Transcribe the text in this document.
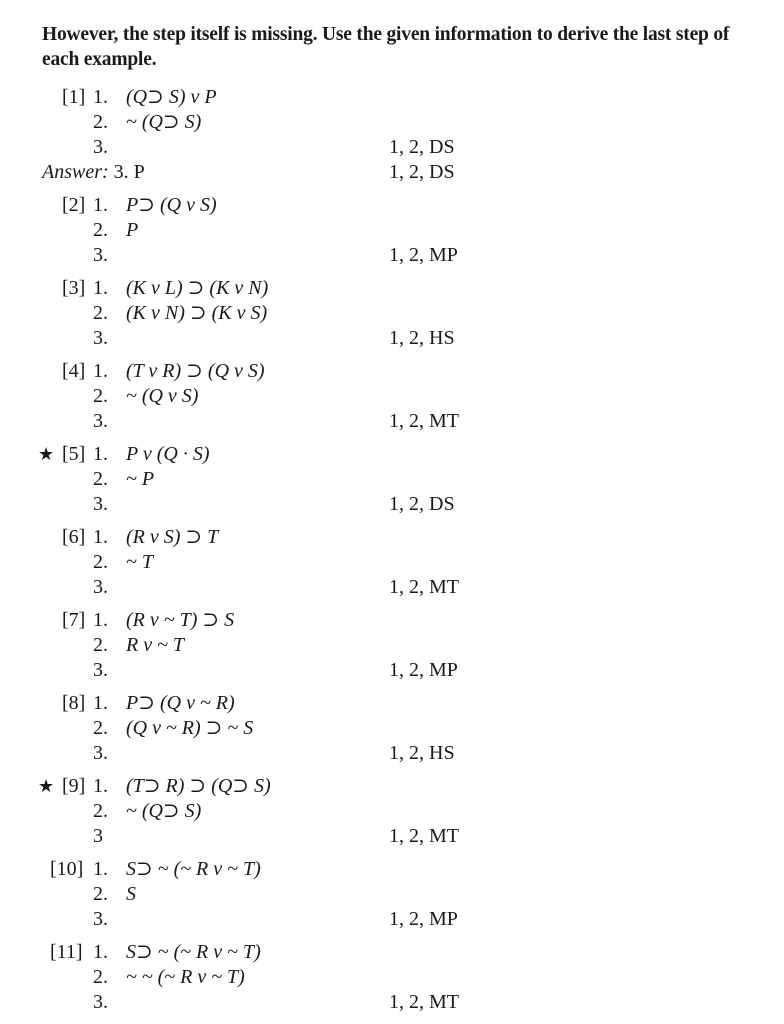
However, the step itself is missing. Use the given information to derive the last step of each example.
[1] 1. (Q⊃ S) v P
2. ~ (Q⊃ S)
3.	1, 2, DS
Answer: 3. P	1, 2, DS
[2] 1. P⊃ (Q v S)
2. P
3.	1, 2, MP
[3] 1. (K v L) ⊃ (K v N)
2. (K v N) ⊃ (K v S)
3.	1, 2, HS
[4] 1. (T v R) ⊃ (Q v S)
2. ~ (Q v S)
3.	1, 2, MT
★ [5] 1. P v (Q · S)
2. ~ P
3.	1, 2, DS
[6] 1. (R v S) ⊃ T
2. ~ T
3.	1, 2, MT
[7] 1. (R v ~ T) ⊃ S
2. R v ~ T
3.	1, 2, MP
[8] 1. P⊃ (Q v ~ R)
2. (Q v ~ R) ⊃ ~ S
3.	1, 2, HS
★ [9] 1. (T⊃ R) ⊃ (Q⊃ S)
2. ~ (Q⊃ S)
3	1, 2, MT
[10] 1. S⊃ ~ (~ R v ~ T)
2. S
3.	1, 2, MP
[11] 1. S⊃ ~ (~ R v ~ T)
2. ~ ~ (~ R v ~ T)
3.	1, 2, MT
